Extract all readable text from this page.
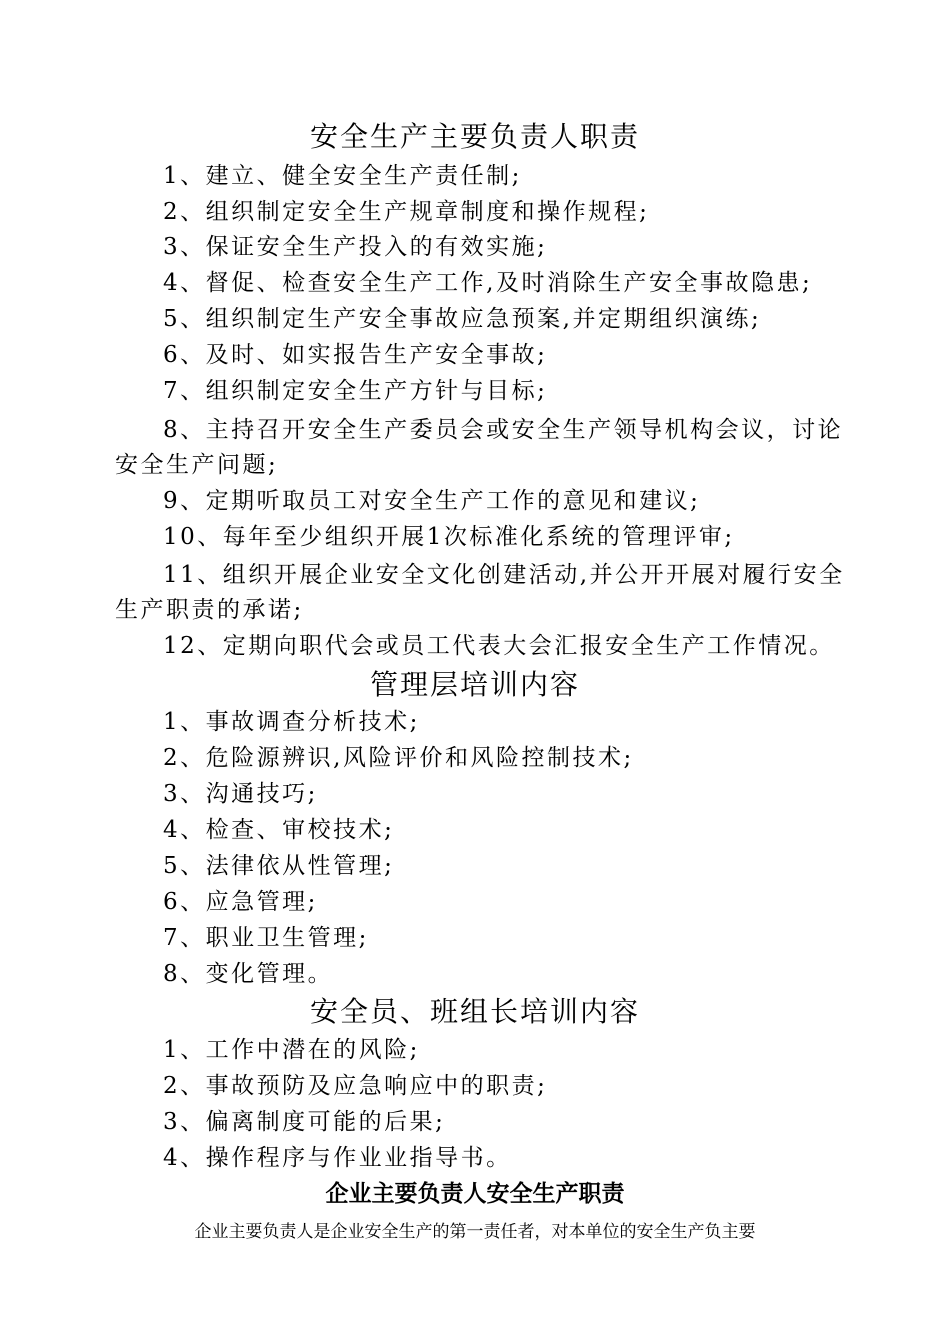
安全生产主要负责人职责
1、建立、健全安全生产责任制;
2、组织制定安全生产规章制度和操作规程;
3、保证安全生产投入的有效实施;
4、督促、检查安全生产工作,及时消除生产安全事故隐患;
5、组织制定生产安全事故应急预案,并定期组织演练;
6、及时、如实报告生产安全事故;
7、组织制定安全生产方针与目标;
8、主持召开安全生产委员会或安全生产领导机构会议，讨论
安全生产问题;
9、定期听取员工对安全生产工作的意见和建议;
10、每年至少组织开展1次标准化系统的管理评审;
11、组织开展企业安全文化创建活动,并公开开展对履行安全
生产职责的承诺;
12、定期向职代会或员工代表大会汇报安全生产工作情况。
管理层培训内容
1、事故调查分析技术;
2、危险源辨识,风险评价和风险控制技术;
3、沟通技巧;
4、检查、审校技术;
5、法律依从性管理;
6、应急管理;
7、职业卫生管理;
8、变化管理。
安全员、班组长培训内容
1、工作中潜在的风险;
2、事故预防及应急响应中的职责;
3、偏离制度可能的后果;
4、操作程序与作业业指导书。
企业主要负责人安全生产职责
企业主要负责人是企业安全生产的第一责任者，对本单位的安全生产负主要
